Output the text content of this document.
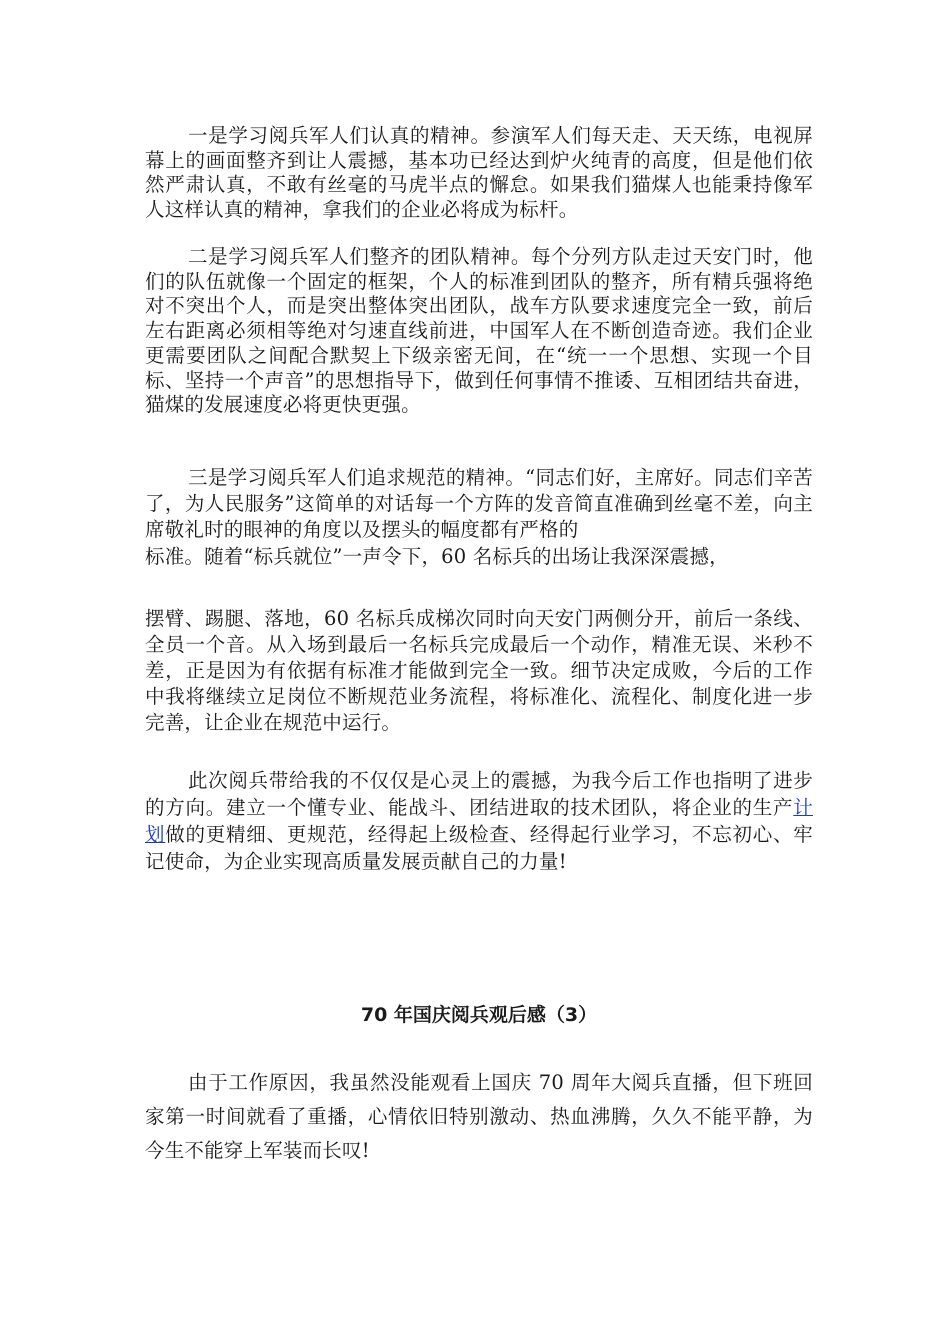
一是学习阅兵军人们认真的精神。参演军人们每天走、天天练，电视屏幕上的画面整齐到让人震撼，基本功已经达到炉火纯青的高度，但是他们依然严肃认真，不敢有丝毫的马虎半点的懈怠。如果我们猫煤人也能秉持像军人这样认真的精神，拿我们的企业必将成为标杆。

二是学习阅兵军人们整齐的团队精神。每个分列方队走过天安门时，他们的队伍就像一个固定的框架，个人的标准到团队的整齐，所有精兵强将绝对不突出个人，而是突出整体突出团队，战车方队要求速度完全一致，前后左右距离必须相等绝对匀速直线前进，中国军人在不断创造奇迹。我们企业更需要团队之间配合默契上下级亲密无间，在“统一一个思想、实现一个目标、坚持一个声音”的思想指导下，做到任何事情不推诿、互相团结共奋进，猫煤的发展速度必将更快更强。

三是学习阅兵军人们追求规范的精神。“同志们好，主席好。同志们辛苦了，为人民服务”这简单的对话每一个方阵的发音简直准确到丝毫不差，向主席敬礼时的眼神的角度以及摆头的幅度都有严格的

标准。随着“标兵就位”一声令下，60 名标兵的出场让我深深震撼，

摆臂、踢腿、落地，60 名标兵成梯次同时向天安门两侧分开，前后一条线、全员一个音。从入场到最后一名标兵完成最后一个动作，精准无误、米秒不差，正是因为有依据有标准才能做到完全一致。细节决定成败，今后的工作中我将继续立足岗位不断规范业务流程，将标准化、流程化、制度化进一步完善，让企业在规范中运行。

此次阅兵带给我的不仅仅是心灵上的震撼，为我今后工作也指明了进步的方向。建立一个懂专业、能战斗、团结进取的技术团队，将企业的生产计划做的更精细、更规范，经得起上级检查、经得起行业学习，不忘初心、牢记使命，为企业实现高质量发展贡献自己的力量!

70 年国庆阅兵观后感（3）

由于工作原因，我虽然没能观看上国庆 70 周年大阅兵直播，但下班回家第一时间就看了重播，心情依旧特别激动、热血沸腾，久久不能平静，为今生不能穿上军装而长叹!
